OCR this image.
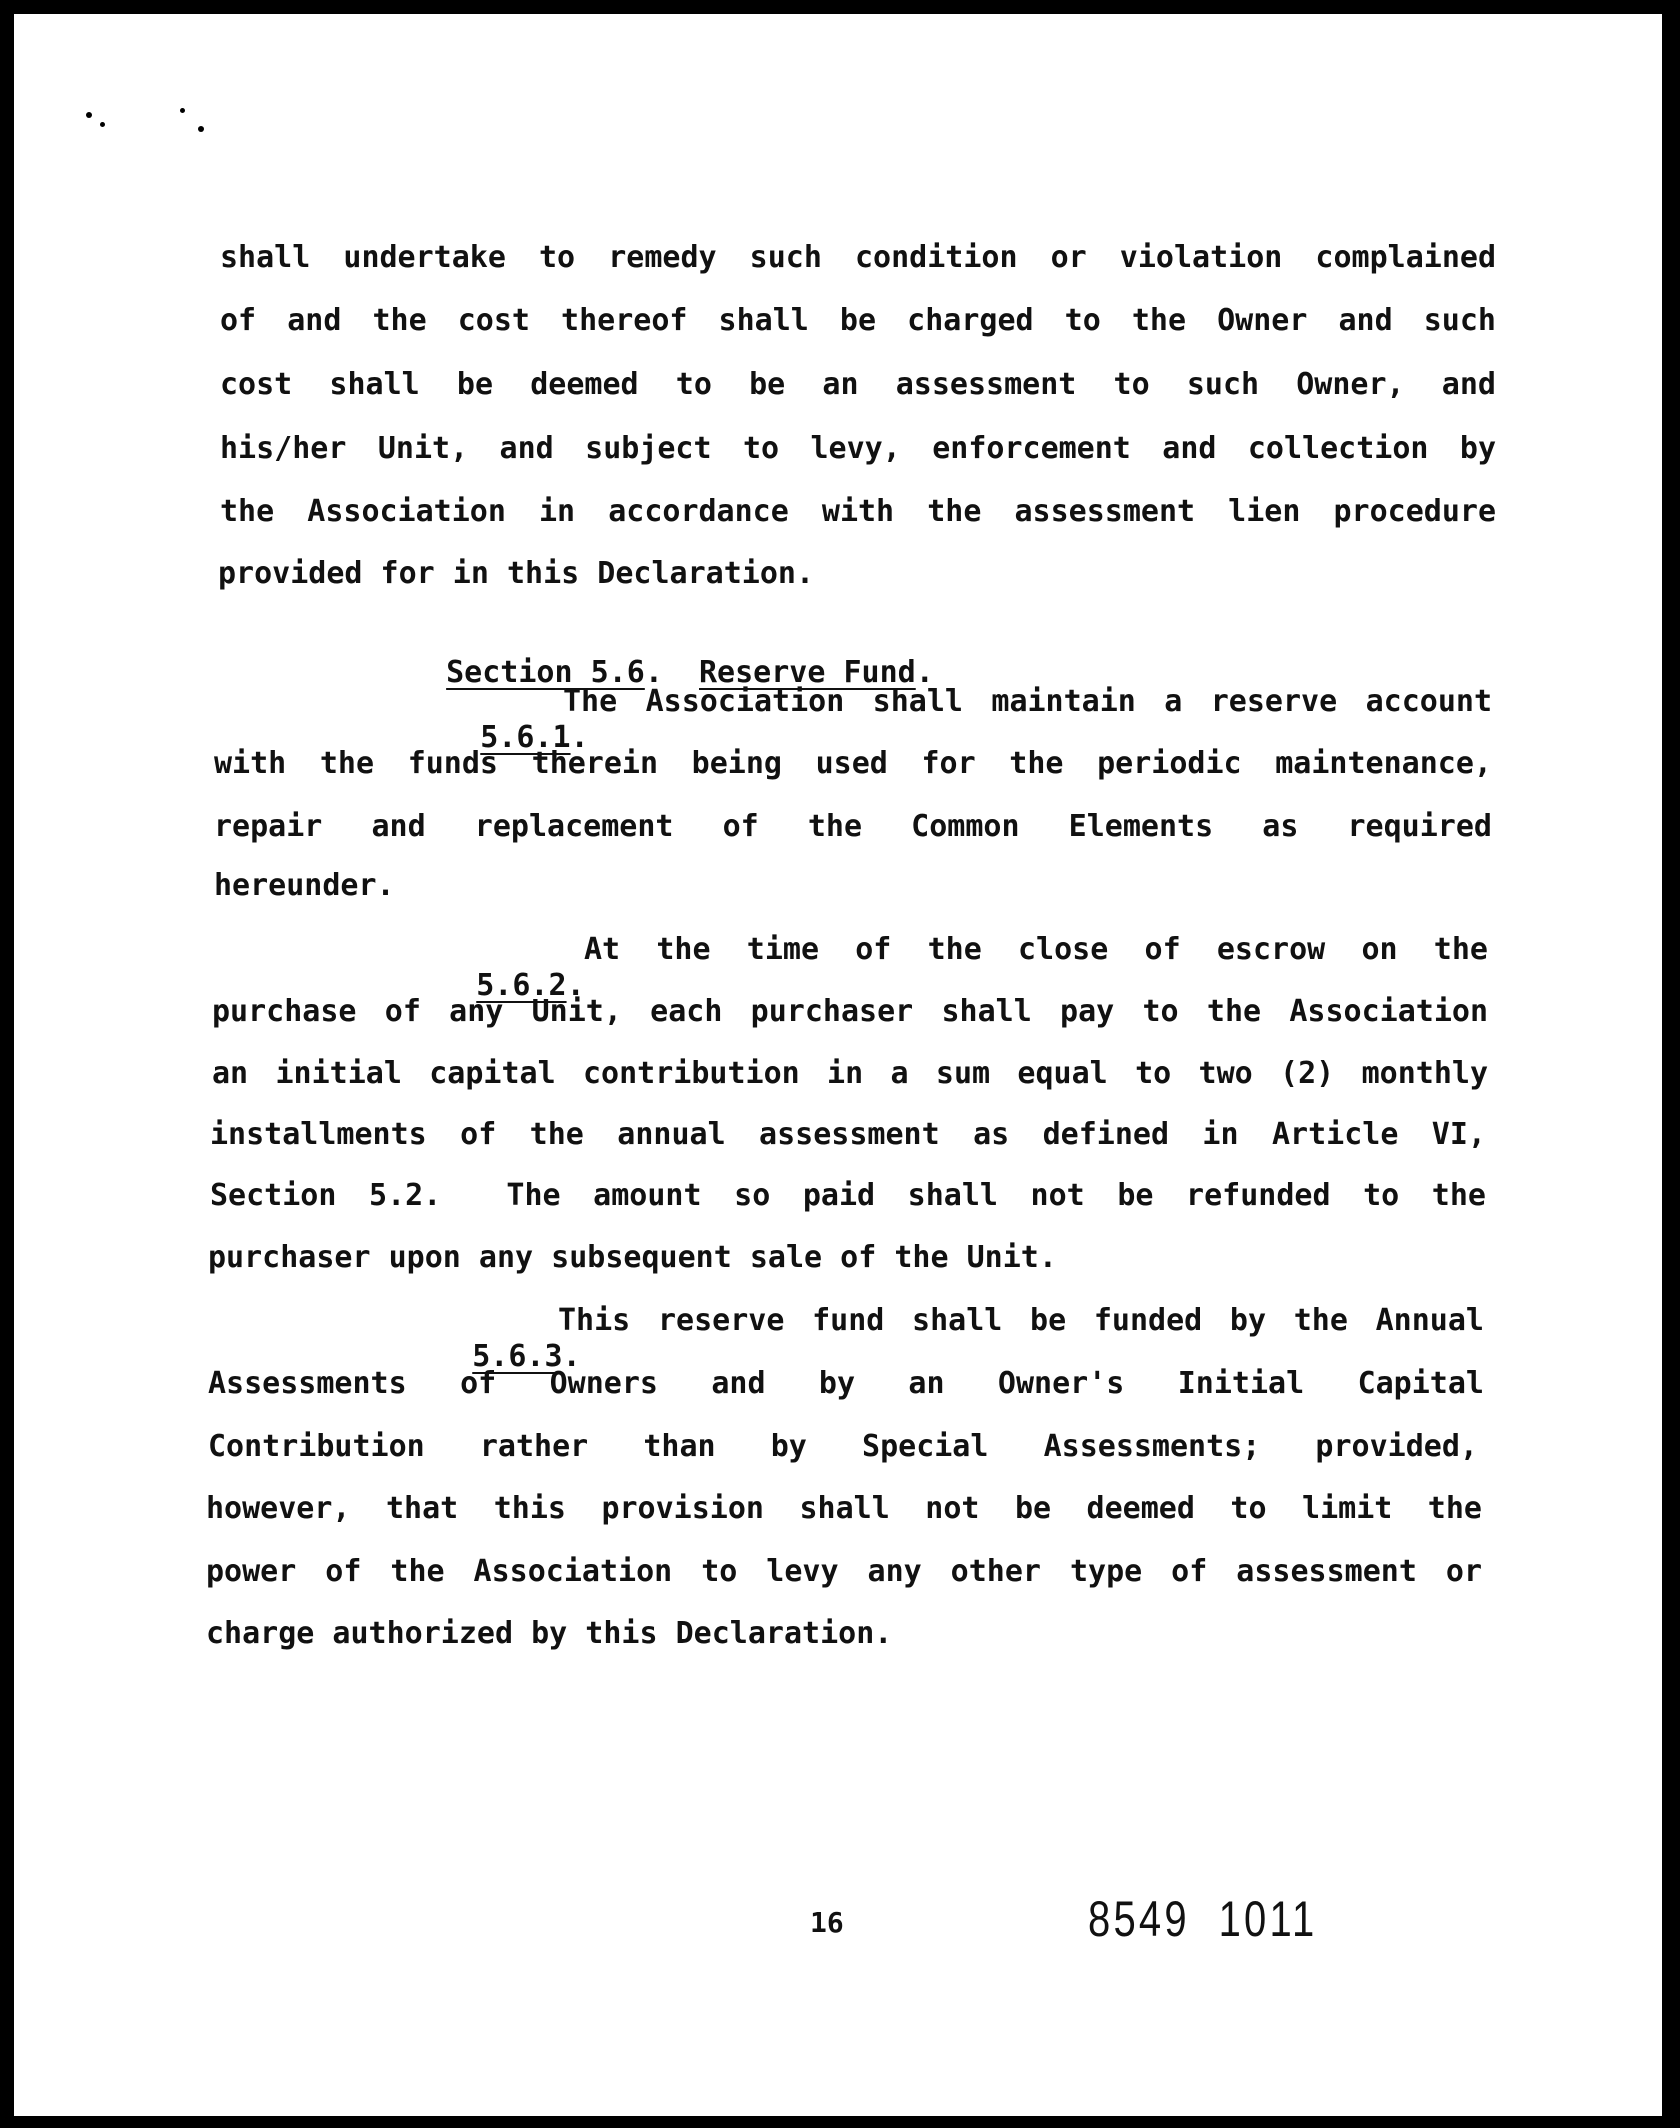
shall undertake to remedy such condition or violation complained

of and the cost thereof shall be charged to the Owner and such

cost shall be deemed to be an assessment to such Owner, and

his/her Unit, and subject to levy, enforcement and collection by

the Association in accordance with the assessment lien procedure

provided for in this Declaration.

Section 5.6.  Reserve Fund.

5.6.1.

The Association shall maintain a reserve account

with the funds therein being used for the periodic maintenance,

repair and replacement of the Common Elements as required

hereunder.

5.6.2.

At the time of the close of escrow on the

purchase of any Unit, each purchaser shall pay to the Association

an initial capital contribution in a sum equal to two (2) monthly

installments of the annual assessment as defined in Article VI,

Section 5.2.  The amount so paid shall not be refunded to the

purchaser upon any subsequent sale of the Unit.

5.6.3.

This reserve fund shall be funded by the Annual

Assessments of Owners and by an Owner's Initial Capital

Contribution rather than by Special Assessments; provided,

however, that this provision shall not be deemed to limit the

power of the Association to levy any other type of assessment or

charge authorized by this Declaration.

16	8549 1011
